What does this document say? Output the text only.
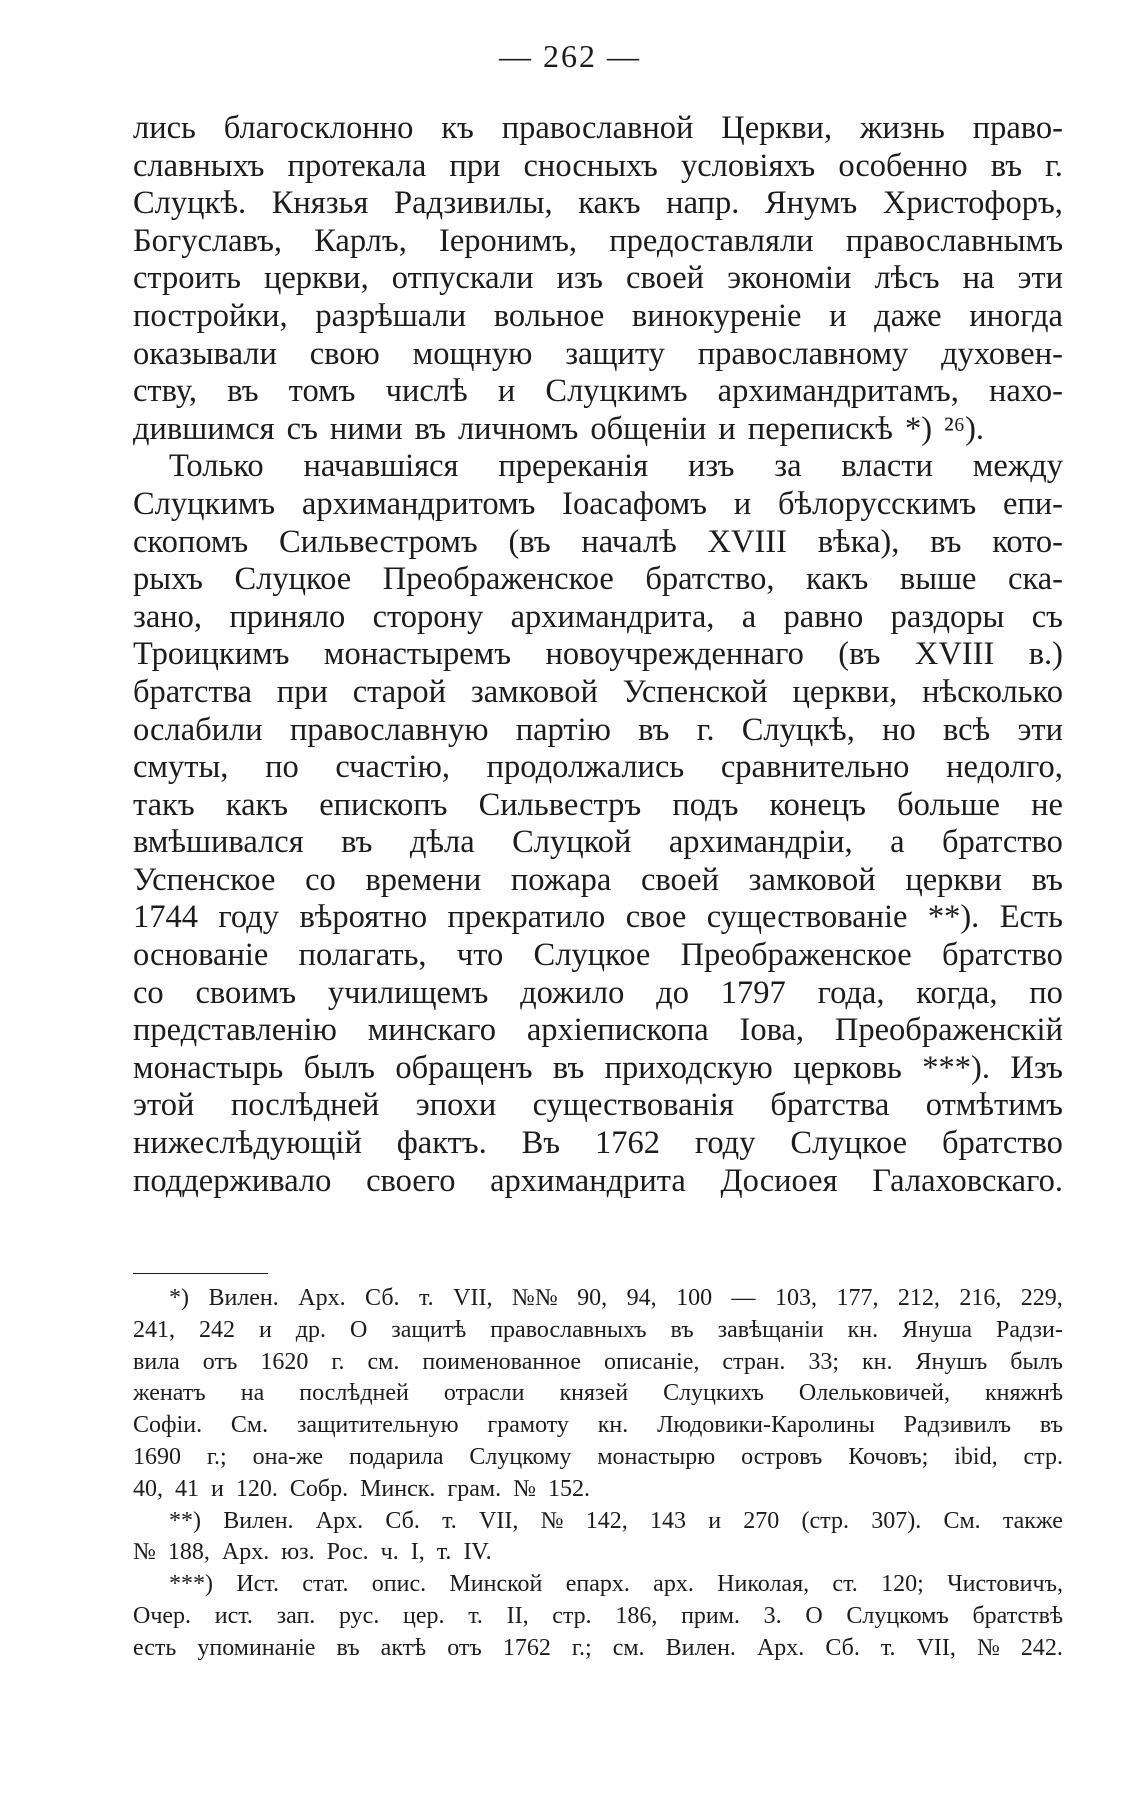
— 262 —
лись благосклонно къ православной Церкви, жизнь право-
славныхъ протекала при сносныхъ условіяхъ особенно въ г.
Слуцкѣ. Князья Радзивилы, какъ напр. Янумъ Христофоръ,
Богуславъ, Карлъ, Іеронимъ, предоставляли православнымъ
строить церкви, отпускали изъ своей экономіи лѣсъ на эти
постройки, разрѣшали вольное винокуреніе и даже иногда
оказывали свою мощную защиту православному духовен-
ству, въ томъ числѣ и Слуцкимъ архимандритамъ, нахо-
дившимся съ ними въ личномъ общеніи и перепискѣ *) ²⁶).
Только начавшіяся пререканія изъ за власти между
Слуцкимъ архимандритомъ Іоасафомъ и бѣлорусскимъ епи-
скопомъ Сильвестромъ (въ началѣ XVIII вѣка), въ кото-
рыхъ Слуцкое Преображенское братство, какъ выше ска-
зано, приняло сторону архимандрита, а равно раздоры съ
Троицкимъ монастыремъ новоучрежденнаго (въ XVIII в.)
братства при старой замковой Успенской церкви, нѣсколько
ослабили православную партію въ г. Слуцкѣ, но всѣ эти
смуты, по счастію, продолжались сравнительно недолго,
такъ какъ епископъ Сильвестръ подъ конецъ больше не
вмѣшивался въ дѣла Слуцкой архимандріи, а братство
Успенское со времени пожара своей замковой церкви въ
1744 году вѣроятно прекратило свое существованіе **). Есть
основаніе полагать, что Слуцкое Преображенское братство
со своимъ училищемъ дожило до 1797 года, когда, по
представленію минскаго архіепископа Іова, Преображенскій
монастырь былъ обращенъ въ приходскую церковь ***). Изъ
этой послѣдней эпохи существованія братства отмѣтимъ
нижеслѣдующій фактъ. Въ 1762 году Слуцкое братство
поддерживало своего архимандрита Досиоея Галаховскаго.
*) Вилен. Арх. Сб. т. VII, №№ 90, 94, 100 — 103, 177, 212, 216, 229,
241, 242 и др. О защитѣ православныхъ въ завѣщаніи кн. Януша Радзи-
вила отъ 1620 г. см. поименованное описаніе, стран. 33; кн. Янушъ былъ
женатъ на послѣдней отрасли князей Слуцкихъ Олельковичей, княжнѣ
Софіи. См. защитительную грамоту кн. Людовики-Каролины Радзивилъ въ
1690 г.; она-же подарила Слуцкому монастырю островъ Кочовъ; ibid, стр.
40, 41 и 120. Собр. Минск. грам. № 152.
**) Вилен. Арх. Сб. т. VII, № 142, 143 и 270 (стр. 307). См. также
№ 188, Арх. юз. Рос. ч. I, т. IV.
***) Ист. стат. опис. Минской епарх. арх. Николая, ст. 120; Чистовичъ,
Очер. ист. зап. рус. цер. т. II, стр. 186, прим. 3. О Слуцкомъ братствѣ
есть упоминаніе въ актѣ отъ 1762 г.; см. Вилен. Арх. Сб. т. VII, № 242.
